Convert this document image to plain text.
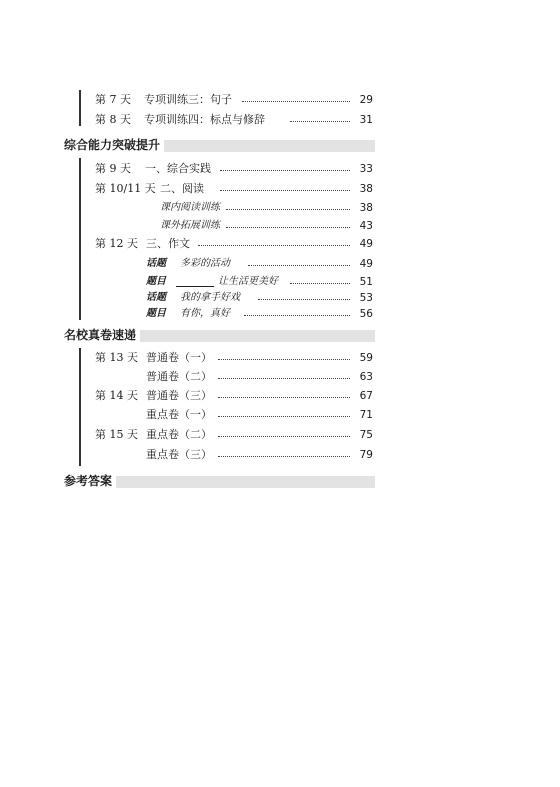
第 7 天 专项训练三：句子	29
第 8 天 专项训练四：标点与修辞	31
综合能力突破提升
第 9 天 一、综合实践	33
第 10/11 天 二、阅读	38
课内阅读训练	38
课外拓展训练	43
第 12 天 三、作文	49
话题 多彩的活动	49
题目	让生活更美好	51
话题 我的拿手好戏	53
题目 有你，真好	56
名校真卷速递
第 13 天 普通卷（一）	59
普通卷（二）	63
第 14 天 普通卷（三）	67
重点卷（一）	71
第 15 天 重点卷（二）	75
重点卷（三）	79
参考答案
